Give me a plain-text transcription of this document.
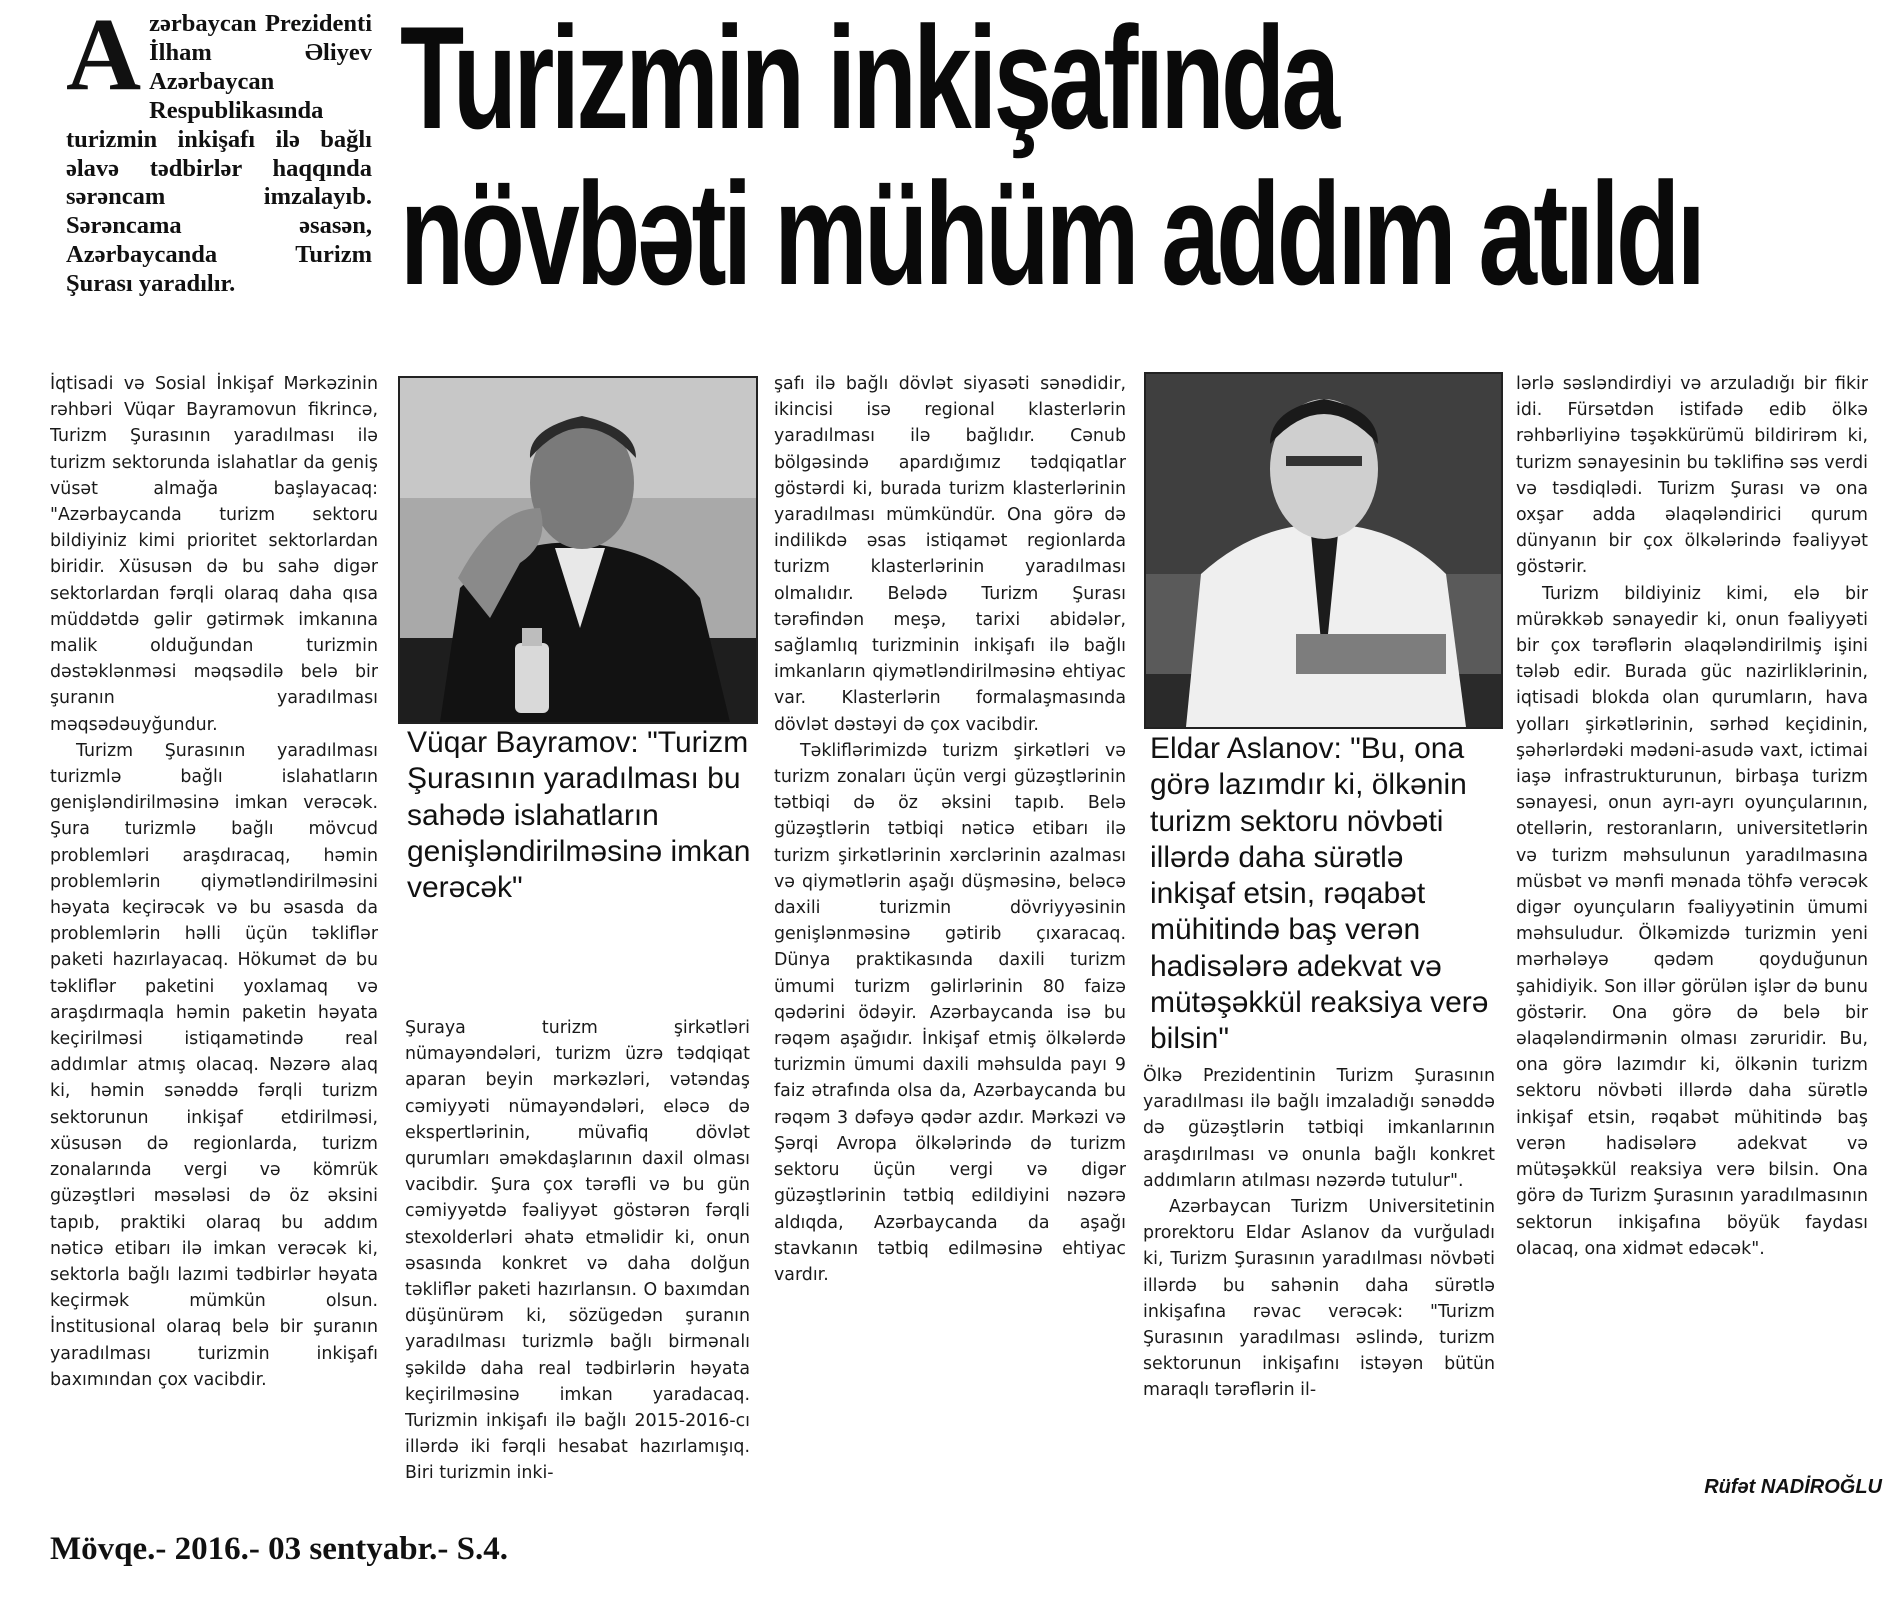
Azərbaycan Prezidenti İlham Əliyev Azərbaycan Respublikasında turizmin inkişafı ilə bağlı əlavə tədbirlər haqqında sərəncam imzalayıb. Sərəncama əsasən, Azərbaycanda Turizm Şurası yaradılır.
Turizmin inkişafında
növbəti mühüm addım atıldı

İqtisadi və Sosial İnkişaf Mərkəzinin rəhbəri Vüqar Bayramovun fikrincə, Turizm Şurasının yaradılması ilə turizm sektorunda islahatlar da geniş vüsət almağa başlayacaq: "Azərbaycanda turizm sektoru bildiyiniz kimi prioritet sektorlardan biridir. Xüsusən də bu sahə digər sektorlardan fərqli olaraq daha qısa müddətdə gəlir gətirmək imkanına malik olduğundan turizmin dəstəklənməsi məqsədilə belə bir şuranın yaradılması məqsədəuyğundur.

Turizm Şurasının yaradılması turizmlə bağlı islahatların genişləndirilməsinə imkan verəcək. Şura turizmlə bağlı mövcud problemləri araşdıracaq, həmin problemlərin qiymətləndirilməsini həyata keçirəcək və bu əsasda da problemlərin həlli üçün təkliflər paketi hazırlayacaq. Hökumət də bu təkliflər paketini yoxlamaq və araşdırmaqla həmin paketin həyata keçirilməsi istiqamətində real addımlar atmış olacaq. Nəzərə alaq ki, həmin sənəddə fərqli turizm sektorunun inkişaf etdirilməsi, xüsusən də regionlarda, turizm zonalarında vergi və kömrük güzəştləri məsələsi də öz əksini tapıb, praktiki olaraq bu addım nəticə etibarı ilə imkan verəcək ki, sektorla bağlı lazımi tədbirlər həyata keçirmək mümkün olsun. İnstitusional olaraq belə bir şuranın yaradılması turizmin inkişafı baxımından çox vacibdir.

Vüqar Bayramov: "Turizm Şurasının yaradılması bu sahədə islahatların genişləndirilməsinə imkan verəcək"

Şuraya turizm şirkətləri nümayəndələri, turizm üzrə tədqiqat aparan beyin mərkəzləri, vətəndaş cəmiyyəti nümayəndələri, eləcə də ekspertlərinin, müvafiq dövlət qurumları əməkdaşlarının daxil olması vacibdir. Şura çox tərəfli və bu gün cəmiyyətdə fəaliyyət göstərən fərqli stexolderləri əhatə etməlidir ki, onun əsasında konkret və daha dolğun təkliflər paketi hazırlansın. O baxımdan düşünürəm ki, sözügedən şuranın yaradılması turizmlə bağlı birmənalı şəkildə daha real tədbirlərin həyata keçirilməsinə imkan yaradacaq. Turizmin inkişafı ilə bağlı 2015-2016-cı illərdə iki fərqli hesabat hazırlamışıq. Biri turizmin inki-

şafı ilə bağlı dövlət siyasəti sənədidir, ikincisi isə regional klasterlərin yaradılması ilə bağlıdır. Cənub bölgəsində apardığımız tədqiqatlar göstərdi ki, burada turizm klasterlərinin yaradılması mümkündür. Ona görə də indilikdə əsas istiqamət regionlarda turizm klasterlərinin yaradılması olmalıdır. Belədə Turizm Şurası tərəfindən meşə, tarixi abidələr, sağlamlıq turizminin inkişafı ilə bağlı imkanların qiymətləndirilməsinə ehtiyac var. Klasterlərin formalaşmasında dövlət dəstəyi də çox vacibdir.

Təkliflərimizdə turizm şirkətləri və turizm zonaları üçün vergi güzəştlərinin tətbiqi də öz əksini tapıb. Belə güzəştlərin tətbiqi nəticə etibarı ilə turizm şirkətlərinin xərclərinin azalması və qiymətlərin aşağı düşməsinə, beləcə daxili turizmin dövriyyəsinin genişlənməsinə gətirib çıxaracaq. Dünya praktikasında daxili turizm ümumi turizm gəlirlərinin 80 faizə qədərini ödəyir. Azərbaycanda isə bu rəqəm aşağıdır. İnkişaf etmiş ölkələrdə turizmin ümumi daxili məhsulda payı 9 faiz ətrafında olsa da, Azərbaycanda bu rəqəm 3 dəfəyə qədər azdır. Mərkəzi və Şərqi Avropa ölkələrində də turizm sektoru üçün vergi və digər güzəştlərinin tətbiq edildiyini nəzərə aldıqda, Azərbaycanda da aşağı stavkanın tətbiq edilməsinə ehtiyac vardır.

Eldar Aslanov: "Bu, ona görə lazımdır ki, ölkənin turizm sektoru növbəti illərdə daha sürətlə inkişaf etsin, rəqabət mühitində baş verən hadisələrə adekvat və mütəşəkkül reaksiya verə bilsin"

Ölkə Prezidentinin Turizm Şurasının yaradılması ilə bağlı imzaladığı sənəddə də güzəştlərin tətbiqi imkanlarının araşdırılması və onunla bağlı konkret addımların atılması nəzərdə tutulur".

Azərbaycan Turizm Universitetinin prorektoru Eldar Aslanov da vurğuladı ki, Turizm Şurasının yaradılması növbəti illərdə bu sahənin daha sürətlə inkişafına rəvac verəcək: "Turizm Şurasının yaradılması əslində, turizm sektorunun inkişafını istəyən bütün maraqlı tərəflərin il-

lərlə səsləndirdiyi və arzuladığı bir fikir idi. Fürsətdən istifadə edib ölkə rəhbərliyinə təşəkkürümü bildirirəm ki, turizm sənayesinin bu təklifinə səs verdi və təsdiqlədi. Turizm Şurası və ona oxşar adda əlaqələndirici qurum dünyanın bir çox ölkələrində fəaliyyət göstərir.

Turizm bildiyiniz kimi, elə bir mürəkkəb sənayedir ki, onun fəaliyyəti bir çox tərəflərin əlaqələndirilmiş işini tələb edir. Burada güc nazirliklərinin, iqtisadi blokda olan qurumların, hava yolları şirkətlərinin, sərhəd keçidinin, şəhərlərdəki mədəni-asudə vaxt, ictimai iaşə infrastrukturunun, birbaşa turizm sənayesi, onun ayrı-ayrı oyunçularının, otellərin, restoranların, universitetlərin və turizm məhsulunun yaradılmasına müsbət və mənfi mənada töhfə verəcək digər oyunçuların fəaliyyətinin ümumi məhsuludur. Ölkəmizdə turizmin yeni mərhələyə qədəm qoyduğunun şahidiyik. Son illər görülən işlər də bunu göstərir. Ona görə də belə bir əlaqələndirmənin olması zəruridir. Bu, ona görə lazımdır ki, ölkənin turizm sektoru növbəti illərdə daha sürətlə inkişaf etsin, rəqabət mühitində baş verən hadisələrə adekvat və mütəşəkkül reaksiya verə bilsin. Ona görə də Turizm Şurasının yaradılmasının sektorun inkişafına böyük faydası olacaq, ona xidmət edəcək".

Rüfət NADİROĞLU
Mövqe.- 2016.- 03 sentyabr.- S.4.
